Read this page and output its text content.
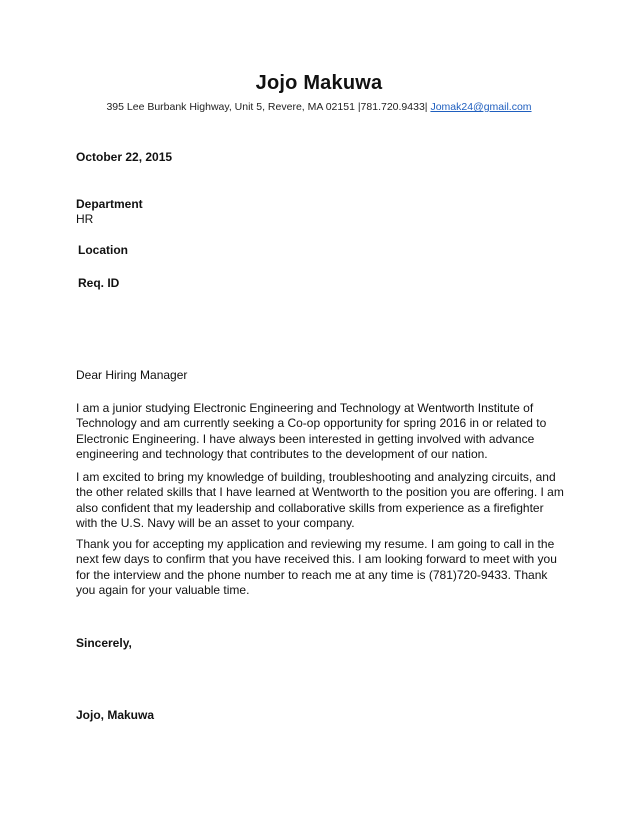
Jojo Makuwa
395 Lee Burbank Highway, Unit 5, Revere, MA 02151 |781.720.9433| Jomak24@gmail.com
October 22, 2015
Department
HR
Location
Req. ID
Dear Hiring Manager

I am a junior studying Electronic Engineering and Technology at Wentworth Institute of Technology and am currently seeking a Co-op opportunity for spring 2016 in or related to Electronic Engineering. I have always been interested in getting involved with advance engineering and technology that contributes to the development of our nation.

I am excited to bring my knowledge of building, troubleshooting and analyzing circuits, and the other related skills that I have learned at Wentworth to the position you are offering. I am also confident that my leadership and collaborative skills from experience as a firefighter with the U.S. Navy will be an asset to your company.

Thank you for accepting my application and reviewing my resume. I am going to call in the next few days to confirm that you have received this. I am looking forward to meet with you for the interview and the phone number to reach me at any time is (781)720-9433. Thank you again for your valuable time.

Sincerely,
Jojo, Makuwa
